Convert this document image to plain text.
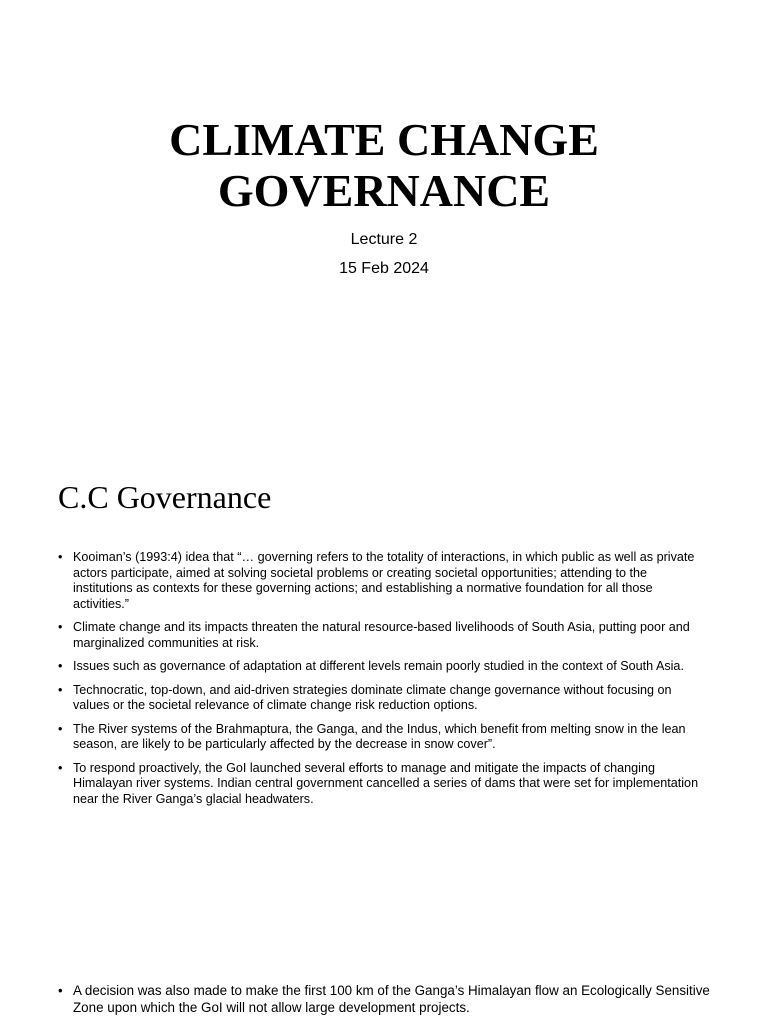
CLIMATE CHANGE
GOVERNANCE
Lecture 2
15 Feb 2024
C.C Governance
• Kooiman’s (1993:4) idea that “… governing refers to the totality of interactions, in which public as well as private actors participate, aimed at solving societal problems or creating societal opportunities; attending to the institutions as contexts for these governing actions; and establishing a normative foundation for all those activities.”
• Climate change and its impacts threaten the natural resource-based livelihoods of South Asia, putting poor and marginalized communities at risk.
• Issues such as governance of adaptation at different levels remain poorly studied in the context of South Asia.
• Technocratic, top-down, and aid-driven strategies dominate climate change governance without focusing on values or the societal relevance of climate change risk reduction options.
• The River systems of the Brahmaptura, the Ganga, and the Indus, which benefit from melting snow in the lean season, are likely to be particularly affected by the decrease in snow cover”.
• To respond proactively, the GoI launched several efforts to manage and mitigate the impacts of changing Himalayan river systems. Indian central government cancelled a series of dams that were set for implementation near the River Ganga’s glacial headwaters.
• A decision was also made to make the first 100 km of the Ganga’s Himalayan flow an Ecologically Sensitive Zone upon which the GoI will not allow large development projects.
